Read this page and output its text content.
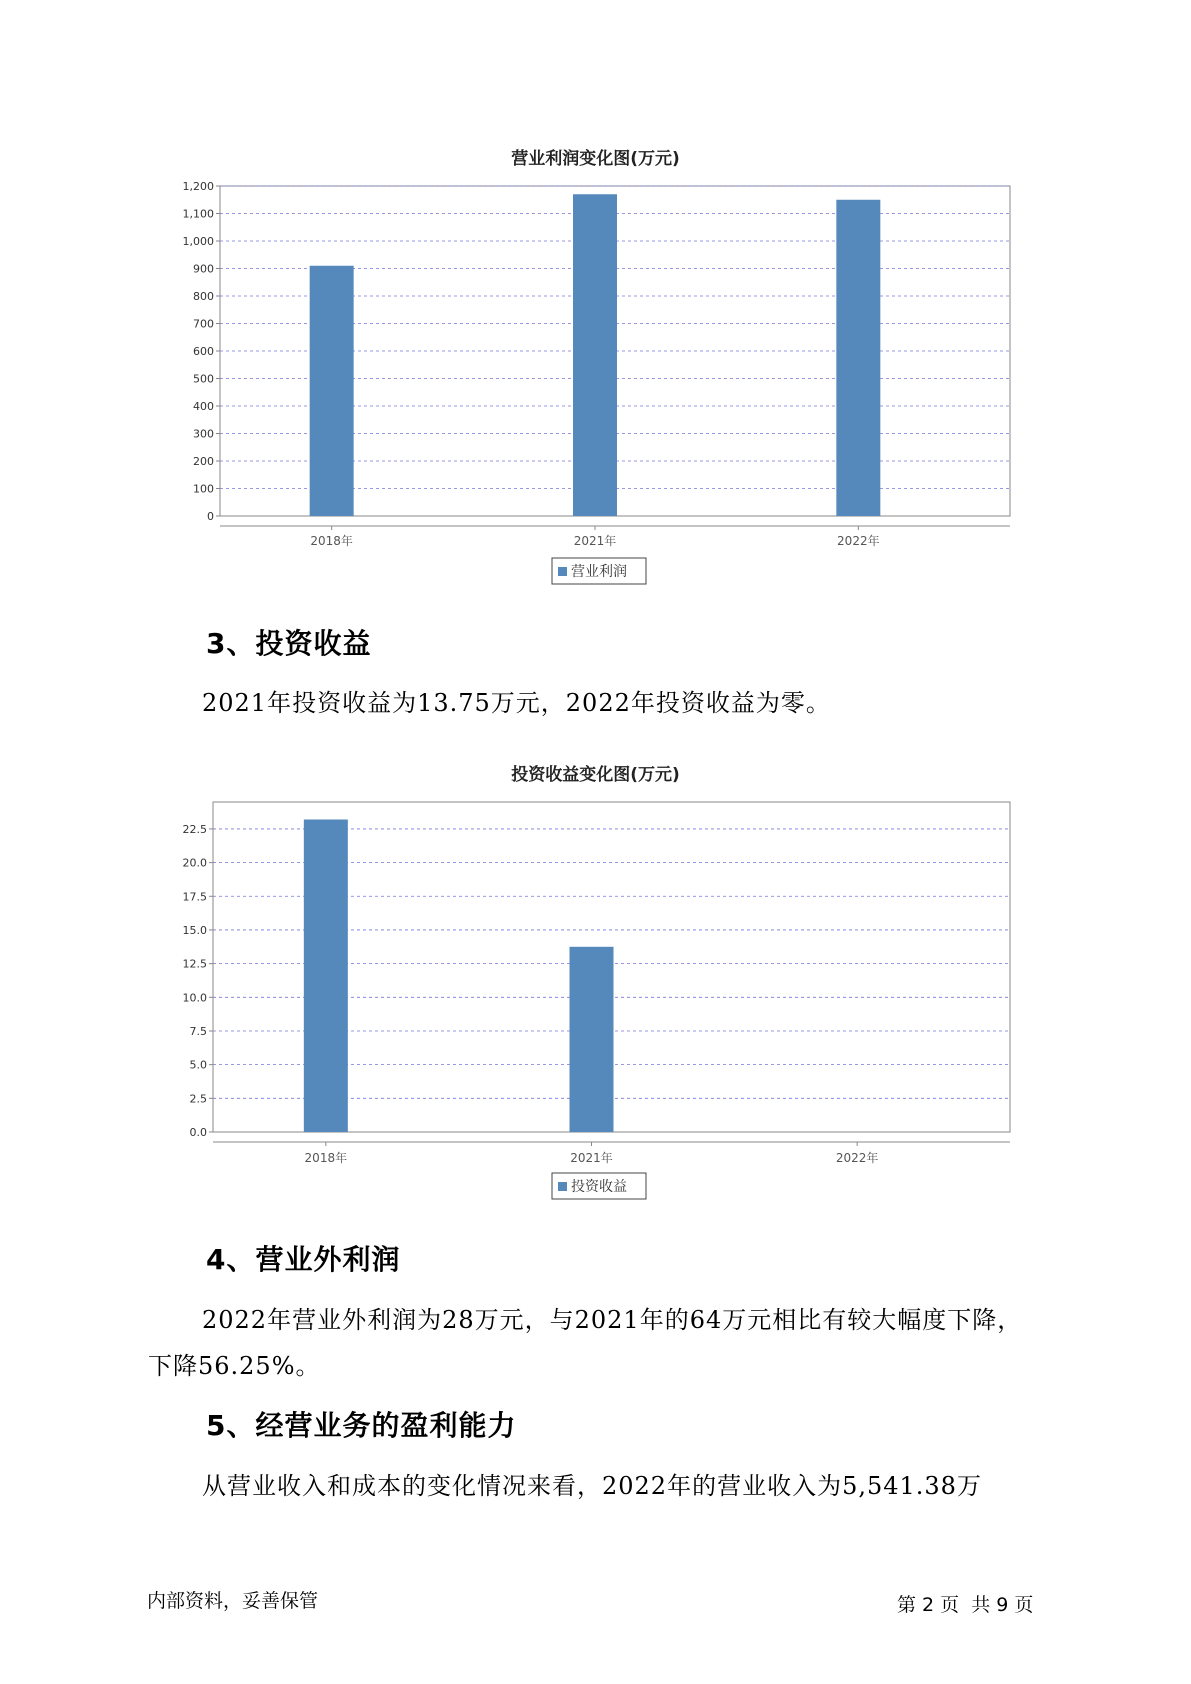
营业利润变化图(万元)
0
100
200
300
400
500
600
700
800
900
1,000
1,100
1,200
2018年	2021年	2022年
营业利润
3、投资收益
2021年投资收益为13.75万元，2022年投资收益为零。
投资收益变化图(万元)
0.0
2.5
5.0
7.5
10.0
12.5
15.0
17.5
20.0
22.5
2018年	2021年	2022年
投资收益
4、营业外利润
2022年营业外利润为28万元，与2021年的64万元相比有较大幅度下降，
下降56.25%。
5、经营业务的盈利能力
从营业收入和成本的变化情况来看，2022年的营业收入为5,541.38万
内部资料，妥善保管	第 2 页  共 9 页
